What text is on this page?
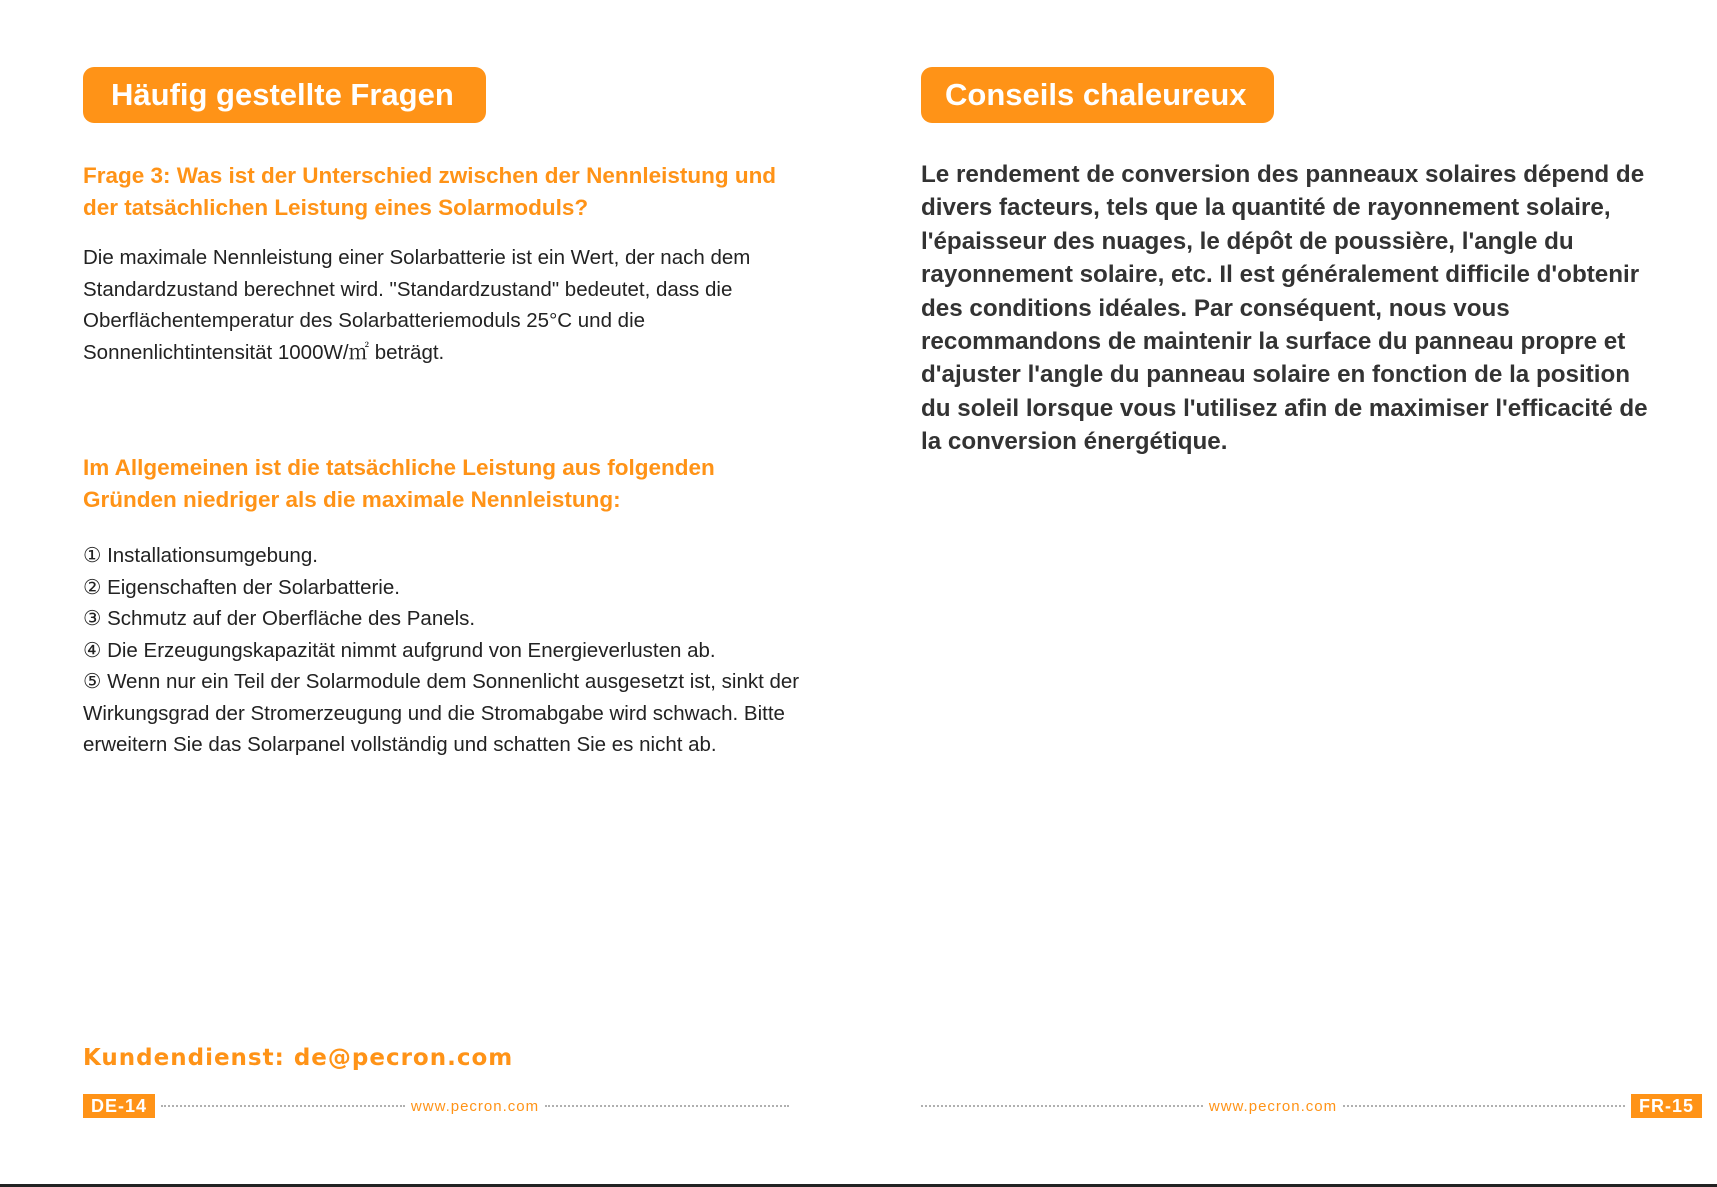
Häufig gestellte Fragen
Frage 3: Was ist der Unterschied zwischen der Nennleistung und der tatsächlichen Leistung eines Solarmoduls?
Die maximale Nennleistung einer Solarbatterie ist ein Wert, der nach dem Standardzustand berechnet wird. "Standardzustand" bedeutet, dass die Oberflächentemperatur des Solarbatteriemoduls 25°C und die Sonnenlichtintensität 1000W/㎡ beträgt.
Im Allgemeinen ist die tatsächliche Leistung aus folgenden Gründen niedriger als die maximale Nennleistung:
① Installationsumgebung.
② Eigenschaften der Solarbatterie.
③ Schmutz auf der Oberfläche des Panels.
④ Die Erzeugungskapazität nimmt aufgrund von Energieverlusten ab.
⑤ Wenn nur ein Teil der Solarmodule dem Sonnenlicht ausgesetzt ist, sinkt der Wirkungsgrad der Stromerzeugung und die Stromabgabe wird schwach. Bitte erweitern Sie das Solarpanel vollständig und schatten Sie es nicht ab.
Kundendienst: de@pecron.com
DE-14	www.pecron.com
Conseils chaleureux
Le rendement de conversion des panneaux solaires dépend de divers facteurs, tels que la quantité de rayonnement solaire, l'épaisseur des nuages, le dépôt de poussière, l'angle du rayonnement solaire, etc. Il est généralement difficile d'obtenir des conditions idéales. Par conséquent, nous vous recommandons de maintenir la surface du panneau propre et d'ajuster l'angle du panneau solaire en fonction de la position du soleil lorsque vous l'utilisez afin de maximiser l'efficacité de la conversion énergétique.
www.pecron.com	FR-15
